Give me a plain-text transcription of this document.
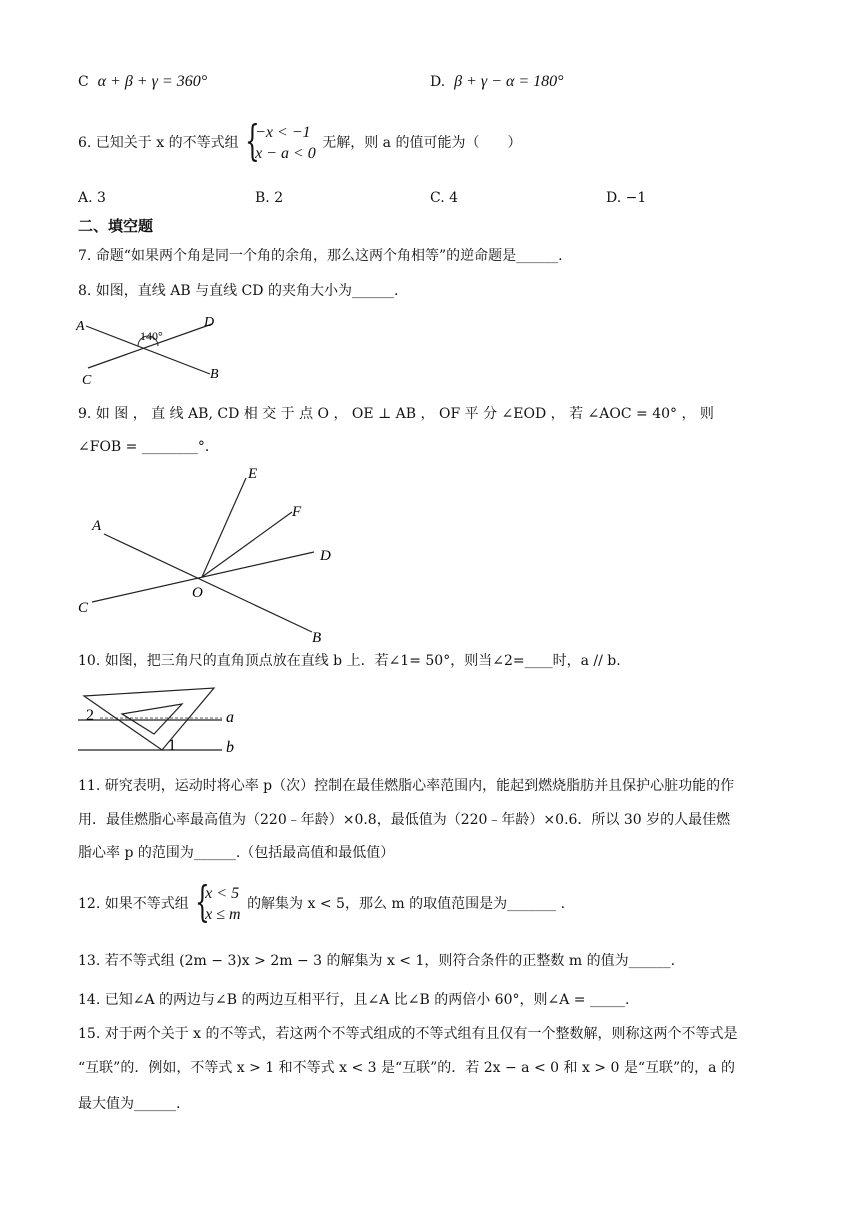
C α + β + γ = 360°	D. β + γ − α = 180°
6. 已知关于 x 的不等式组 {
−x < −1
x − a < 0
无解，则 a 的值可能为（　　）
A. 3	B. 2	C. 4	D. −1
二、填空题
7. 命题“如果两个角是同一个角的余角，那么这两个角相等”的逆命题是______.
8. 如图，直线 AB 与直线 CD 的夹角大小为______.
A	D
C	B
140°
9. 如 图 ， 直 线 AB, CD 相 交 于 点 O ， OE ⊥ AB ， OF 平 分 ∠EOD ， 若 ∠AOC = 40° ， 则
∠FOB = ________°.
A
E
F
D
C
O
B
10. 如图，把三角尺的直角顶点放在直线 b 上．若∠1= 50°，则当∠2=____时，a // b.
a
b
2
1
11. 研究表明，运动时将心率 p（次）控制在最佳燃脂心率范围内，能起到燃烧脂肪并且保护心脏功能的作
用．最佳燃脂心率最高值为（220﹣年龄）×0.8，最低值为（220﹣年龄）×0.6．所以 30 岁的人最佳燃
脂心率 p 的范围为______.（包括最高值和最低值）
12. 如果不等式组 {
x < 5
x ≤ m
的解集为 x < 5，那么 m 的取值范围是为_______ .
13. 若不等式组 (2m − 3)x > 2m − 3 的解集为 x < 1，则符合条件的正整数 m 的值为______.
14. 已知∠A 的两边与∠B 的两边互相平行，且∠A 比∠B 的两倍小 60°，则∠A = _____.
15. 对于两个关于 x 的不等式，若这两个不等式组成的不等式组有且仅有一个整数解，则称这两个不等式是
“互联”的．例如，不等式 x > 1 和不等式 x < 3 是“互联”的．若 2x − a < 0 和 x > 0 是“互联”的，a 的
最大值为______.
